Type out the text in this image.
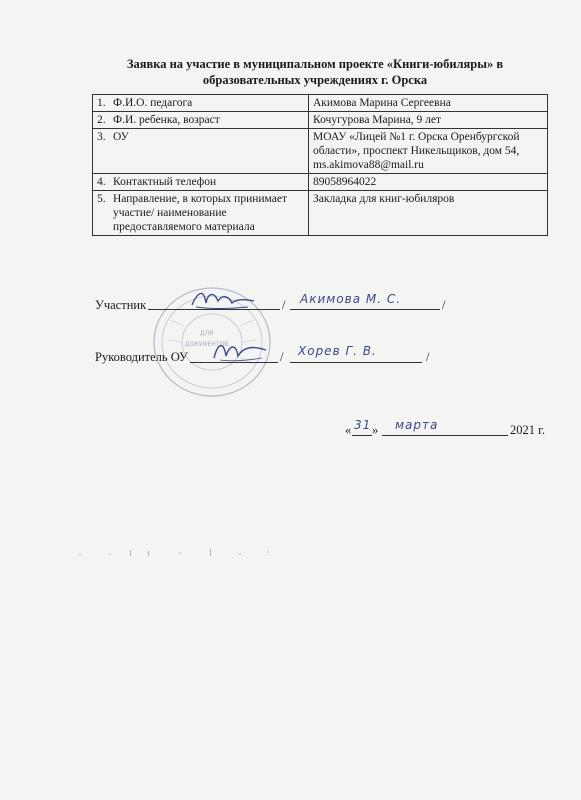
Заявка на участие в муниципальном проекте «Книги-юбиляры» в
образовательных учреждениях г. Орска
1. Ф.И.О. педагога	Акимова Марина Сергеевна

2. Ф.И. ребенка, возраст	Кочугурова Марина, 9 лет

3. ОУ	МОАУ «Лицей №1 г. Орска Оренбургской области», проспект Никельщиков, дом 54, ms.akimova88@mail.ru

4. Контактный телефон	89058964022

5. Направление, в которых принимает участие/ наименование предоставляемого материала	Закладка для книг-юбиляров
ДЛЯ
ДОКУМЕНТОВ
Участник	/ Акимова М. С.	/
Руководитель ОУ	/ Хорев Г. В.	/
« 31 » марта	2021 г.
